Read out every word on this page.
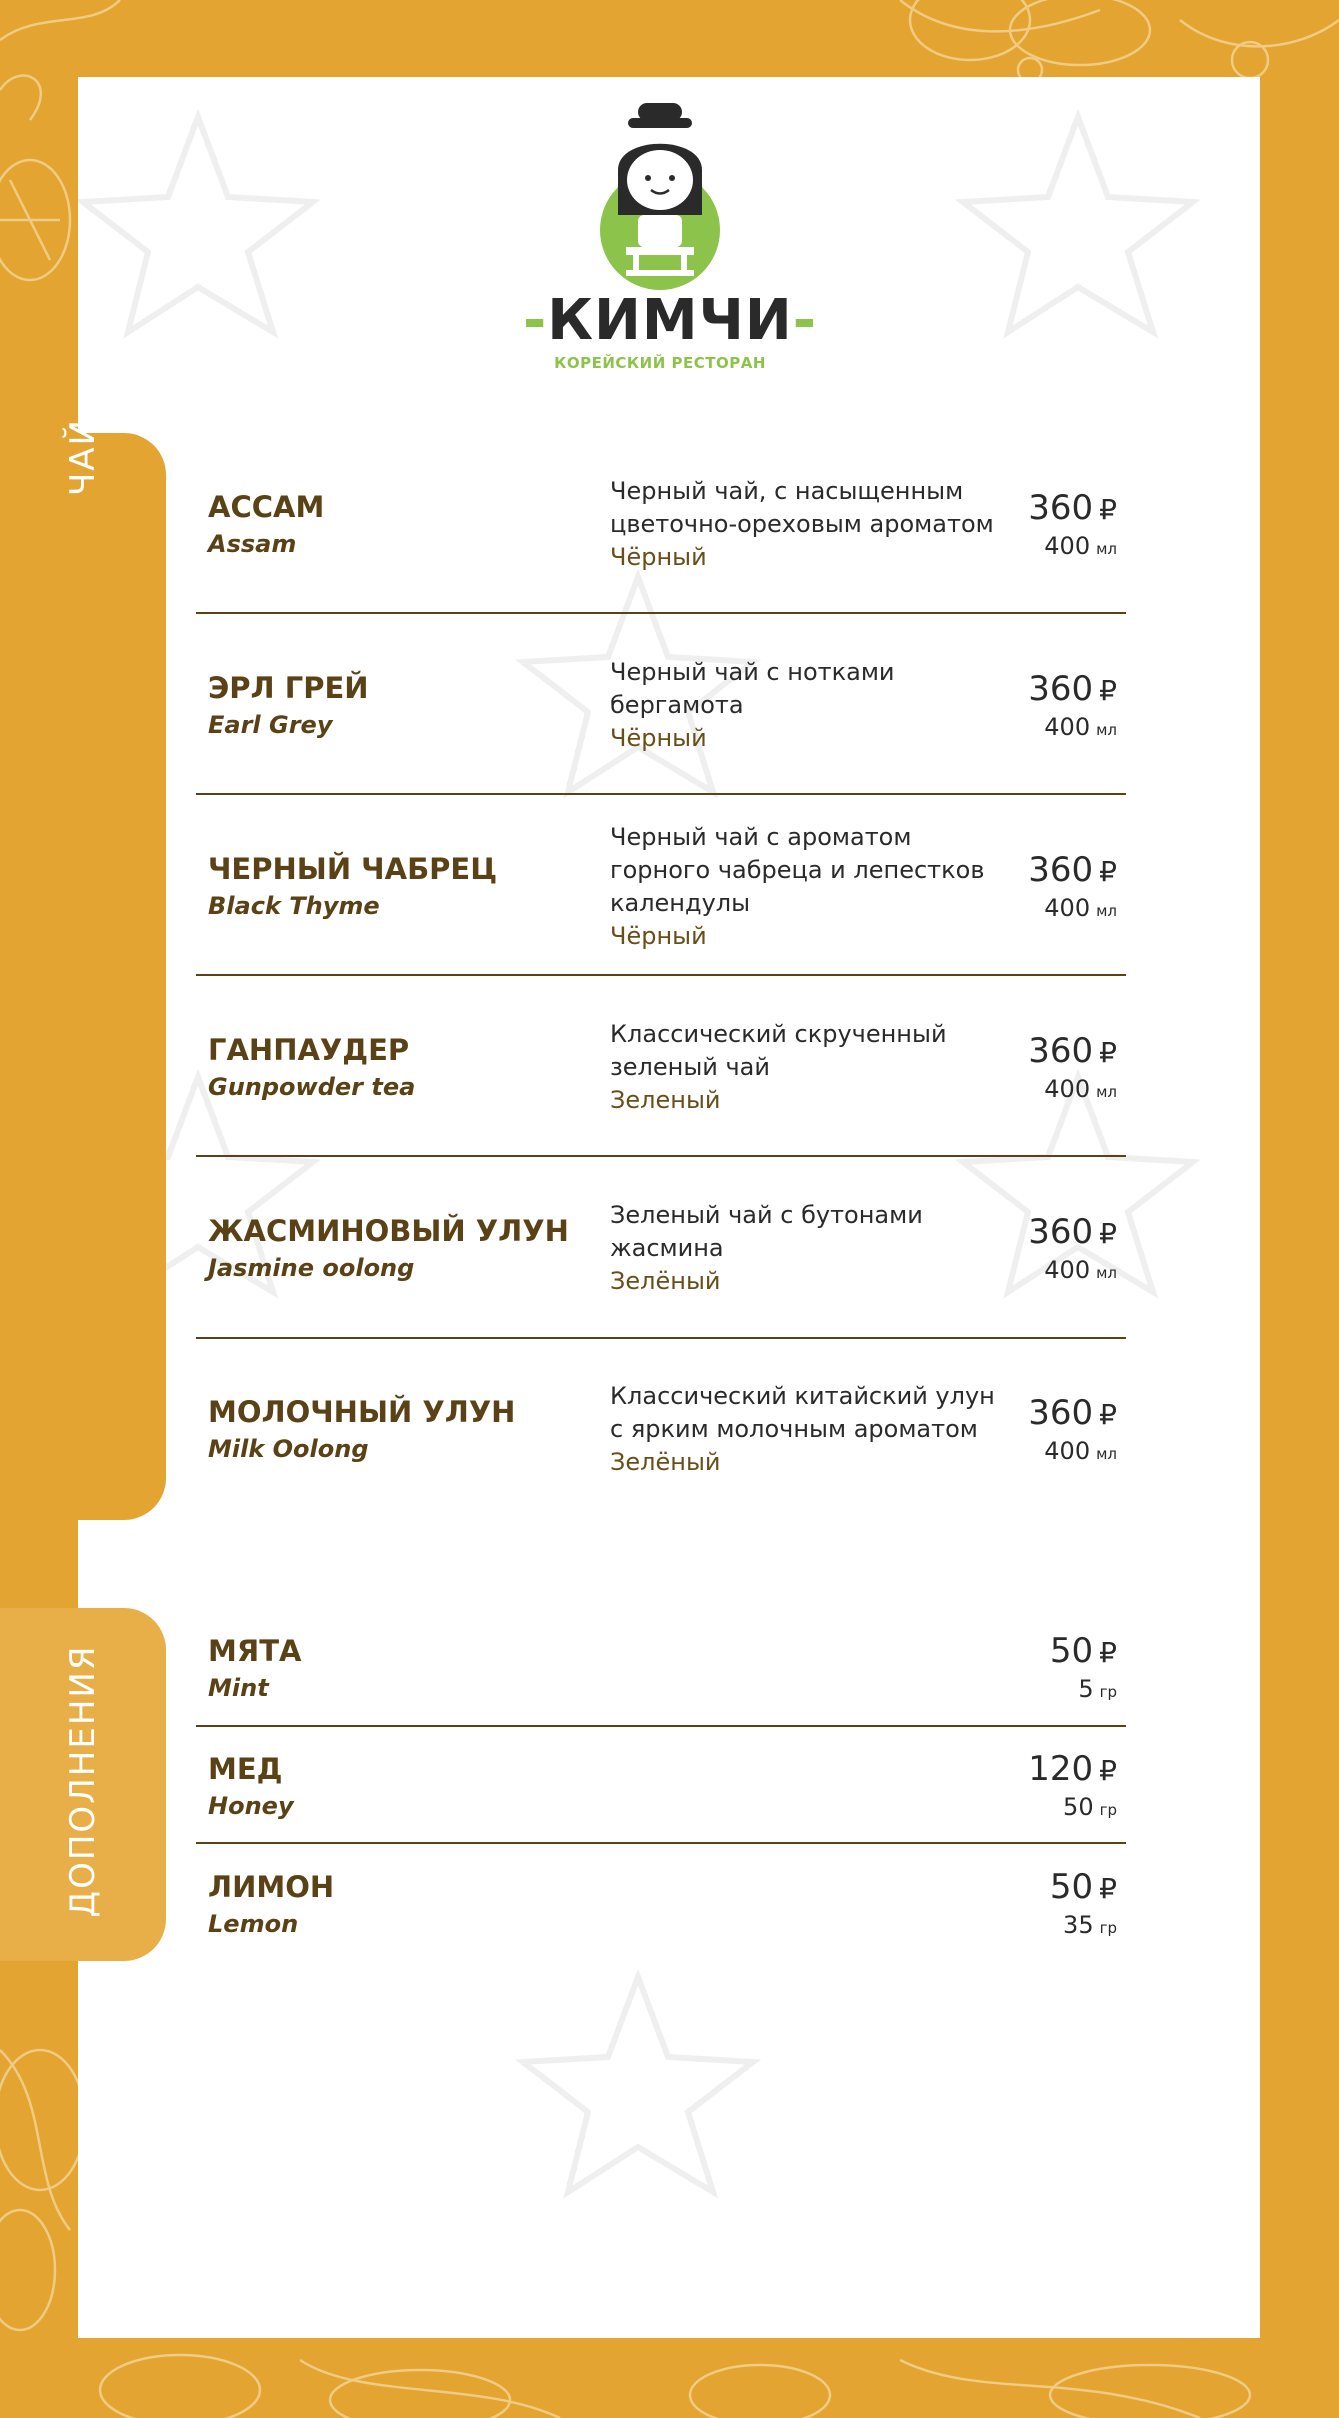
-КИМЧИ-
КОРЕЙСКИЙ РЕСТОРАН
ЧАЙ
ДОПОЛНЕНИЯ
АССАМ
Assam
Черный чай, с насыщенным цветочно-ореховым ароматом
Чёрный
360 ₽
400 мл
ЭРЛ ГРЕЙ
Earl Grey
Черный чай с нотками бергамота
Чёрный
360 ₽
400 мл
ЧЕРНЫЙ ЧАБРЕЦ
Black Thyme
Черный чай с ароматом горного чабреца и лепестков календулы
Чёрный
360 ₽
400 мл
ГАНПАУДЕР
Gunpowder tea
Классический скрученный зеленый чай
Зеленый
360 ₽
400 мл
ЖАСМИНОВЫЙ УЛУН
Jasmine oolong
Зеленый чай с бутонами жасмина
Зелёный
360 ₽
400 мл
МОЛОЧНЫЙ УЛУН
Milk Oolong
Классический китайский улун с ярким молочным ароматом
Зелёный
360 ₽
400 мл
МЯТА
Mint
50 ₽
5 гр
МЕД
Honey
120 ₽
50 гр
ЛИМОН
Lemon
50 ₽
35 гр
